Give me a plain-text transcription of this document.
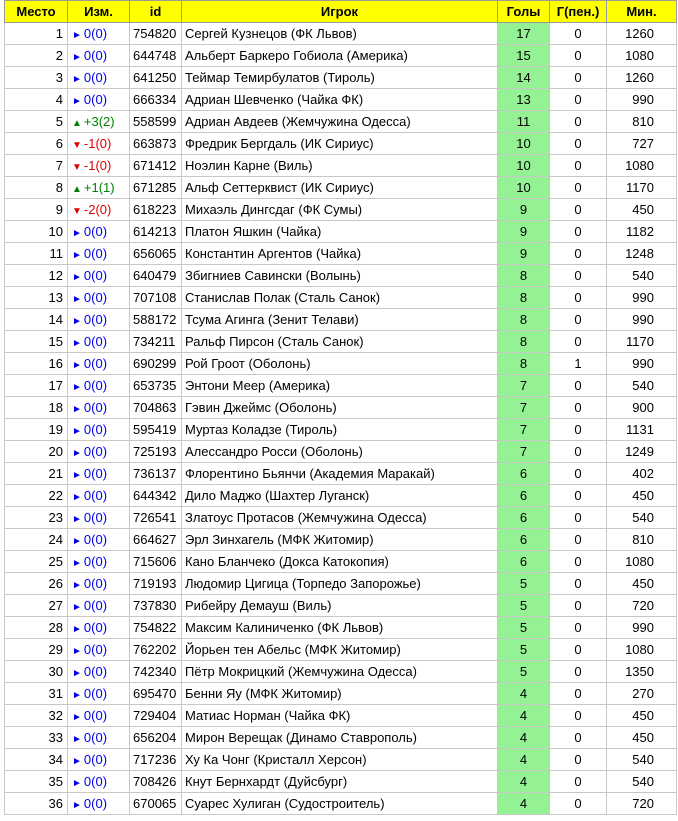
Место	Изм.	id	Игрок	Голы	Г(пен.)	Мин.
1	► 0(0)	754820	Сергей Кузнецов (ФК Львов)	17	0	1260
2	► 0(0)	644748	Альберт Баркеро Гобиола (Америка)	15	0	1080
3	► 0(0)	641250	Теймар Темирбулатов (Тироль)	14	0	1260
4	► 0(0)	666334	Адриан Шевченко (Чайка ФК)	13	0	990
5	▲ +3(2)	558599	Адриан Авдеев (Жемчужина Одесса)	11	0	810
6	▼ -1(0)	663873	Фредрик Бергдаль (ИК Сириус)	10	0	727
7	▼ -1(0)	671412	Ноэлин Карне (Виль)	10	0	1080
8	▲ +1(1)	671285	Альф Сеттерквист (ИК Сириус)	10	0	1170
9	▼ -2(0)	618223	Михаэль Дингсдаг (ФК Сумы)	9	0	450
10	► 0(0)	614213	Платон Яшкин (Чайка)	9	0	1182
11	► 0(0)	656065	Константин Аргентов (Чайка)	9	0	1248
12	► 0(0)	640479	Збигниев Савински (Волынь)	8	0	540
13	► 0(0)	707108	Станислав Полак (Сталь Санок)	8	0	990
14	► 0(0)	588172	Тсума Агинга (Зенит Телави)	8	0	990
15	► 0(0)	734211	Ральф Пирсон (Сталь Санок)	8	0	1170
16	► 0(0)	690299	Рой Гроот (Оболонь)	8	1	990
17	► 0(0)	653735	Энтони Меер (Америка)	7	0	540
18	► 0(0)	704863	Гэвин Джеймс (Оболонь)	7	0	900
19	► 0(0)	595419	Муртаз Коладзе (Тироль)	7	0	1131
20	► 0(0)	725193	Алессандро Росси (Оболонь)	7	0	1249
21	► 0(0)	736137	Флорентино Бьянчи (Академия Маракай)	6	0	402
22	► 0(0)	644342	Дило Маджо (Шахтер Луганск)	6	0	450
23	► 0(0)	726541	Златоус Протасов (Жемчужина Одесса)	6	0	540
24	► 0(0)	664627	Эрл Зинхагель (МФК Житомир)	6	0	810
25	► 0(0)	715606	Кано Бланчеко (Докса Катокопия)	6	0	1080
26	► 0(0)	719193	Людомир Цигица (Торпедо Запорожье)	5	0	450
27	► 0(0)	737830	Рибейру Демауш (Виль)	5	0	720
28	► 0(0)	754822	Максим Калиниченко (ФК Львов)	5	0	990
29	► 0(0)	762202	Йорьен тен Абельс (МФК Житомир)	5	0	1080
30	► 0(0)	742340	Пётр Мокрицкий (Жемчужина Одесса)	5	0	1350
31	► 0(0)	695470	Бенни Яу (МФК Житомир)	4	0	270
32	► 0(0)	729404	Матиас Норман (Чайка ФК)	4	0	450
33	► 0(0)	656204	Мирон Верещак (Динамо Ставрополь)	4	0	450
34	► 0(0)	717236	Ху Ка Чонг (Кристалл Херсон)	4	0	540
35	► 0(0)	708426	Кнут Бернхардт (Дуйсбург)	4	0	540
36	► 0(0)	670065	Суарес Хулиган (Судостроитель)	4	0	720
